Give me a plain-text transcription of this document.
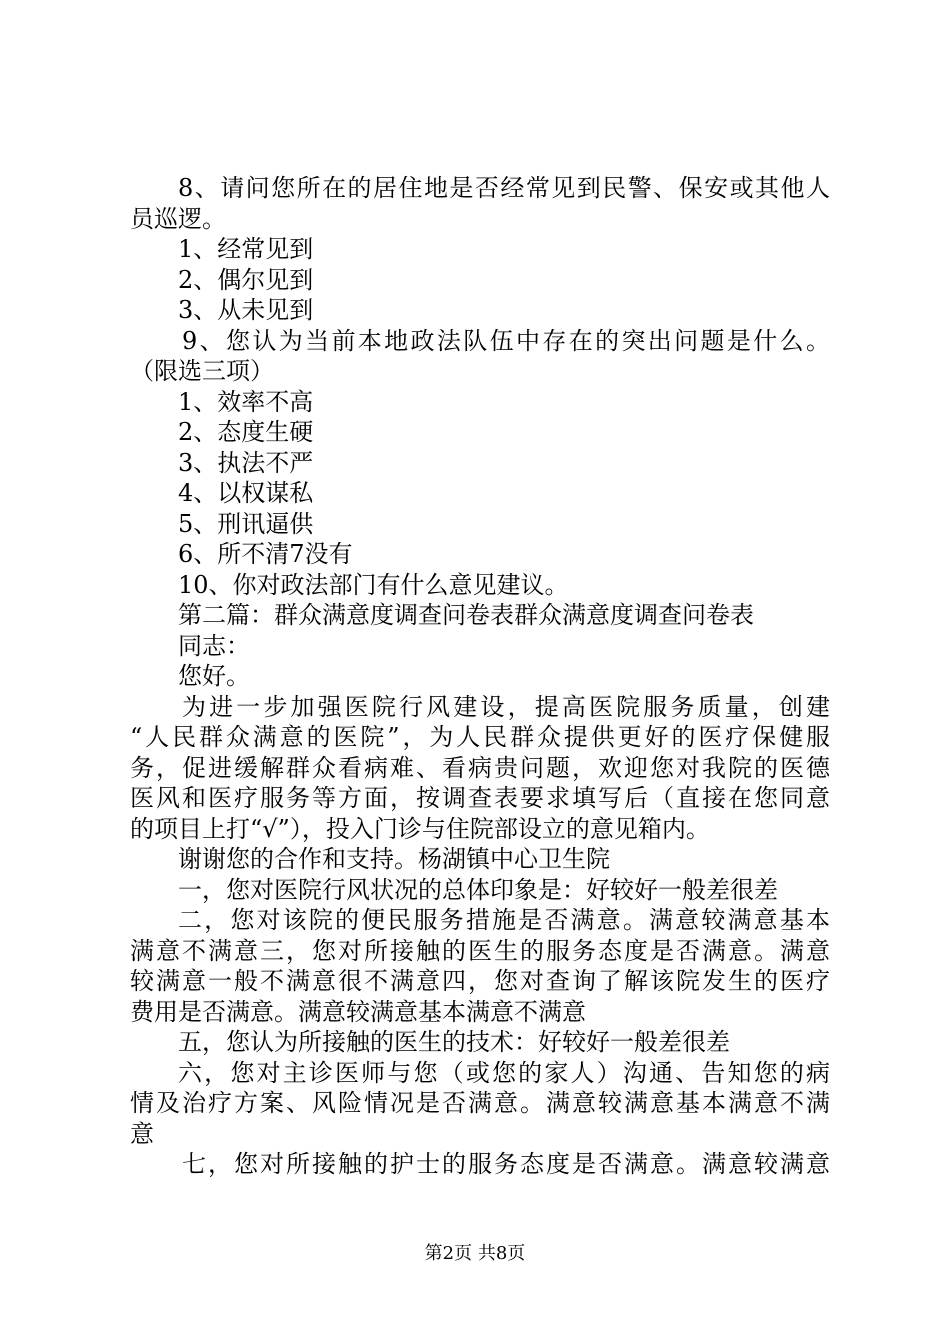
8、请问您所在的居住地是否经常见到民警、保安或其他人
员巡逻。
1、经常见到
2、偶尔见到
3、从未见到
9、您认为当前本地政法队伍中存在的突出问题是什么。
（限选三项）
1、效率不高
2、态度生硬
3、执法不严
4、以权谋私
5、刑讯逼供
6、所不清7没有
10、你对政法部门有什么意见建议。
第二篇：群众满意度调查问卷表群众满意度调查问卷表
同志：
您好。
为进一步加强医院行风建设，提高医院服务质量，创建
“人民群众满意的医院”，为人民群众提供更好的医疗保健服
务，促进缓解群众看病难、看病贵问题，欢迎您对我院的医德
医风和医疗服务等方面，按调查表要求填写后（直接在您同意
的项目上打“√”），投入门诊与住院部设立的意见箱内。
谢谢您的合作和支持。杨湖镇中心卫生院
一，您对医院行风状况的总体印象是：好较好一般差很差
二，您对该院的便民服务措施是否满意。满意较满意基本
满意不满意三，您对所接触的医生的服务态度是否满意。满意
较满意一般不满意很不满意四，您对查询了解该院发生的医疗
费用是否满意。满意较满意基本满意不满意
五，您认为所接触的医生的技术：好较好一般差很差
六，您对主诊医师与您（或您的家人）沟通、告知您的病
情及治疗方案、风险情况是否满意。满意较满意基本满意不满
意
七，您对所接触的护士的服务态度是否满意。满意较满意
第2页 共8页
